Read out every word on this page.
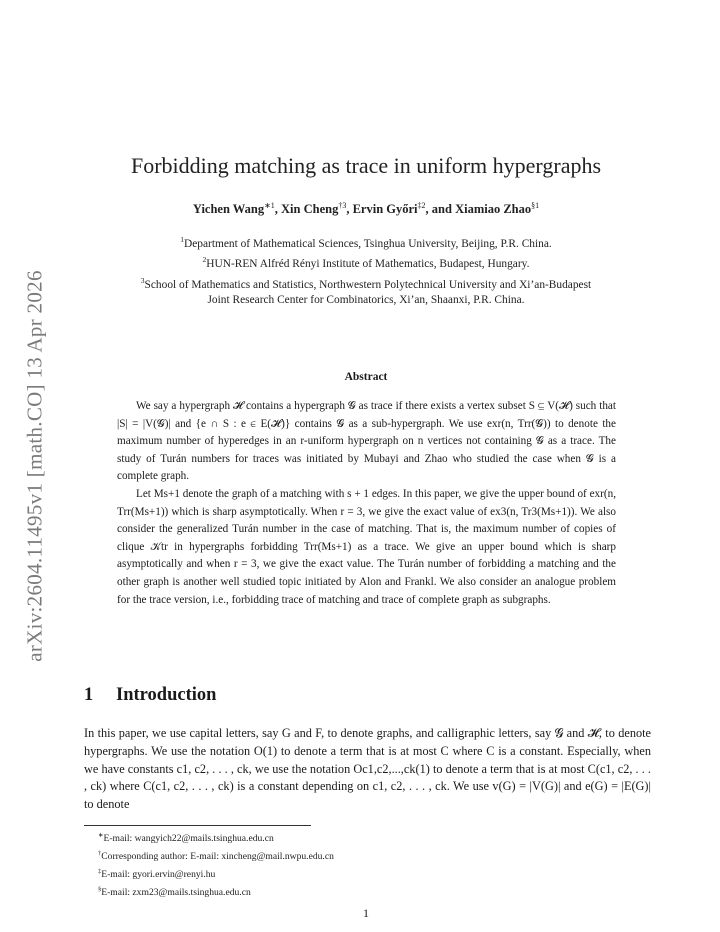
arXiv:2604.11495v1 [math.CO] 13 Apr 2026
Forbidding matching as trace in uniform hypergraphs
Yichen Wang$^{∗1}$, Xin Cheng$^{\dagger 3}$, Ervin Győri$^{\ddagger 2}$, and Xiamiao Zhao$^{\S 1}$
$^1$Department of Mathematical Sciences, Tsinghua University, Beijing, P.R. China.
$^2$HUN-REN Alfréd Rényi Institute of Mathematics, Budapest, Hungary.
$^3$School of Mathematics and Statistics, Northwestern Polytechnical University and Xi’an-Budapest
Joint Research Center for Combinatorics, Xi’an, Shaanxi, P.R. China.
Abstract

We say a hypergraph 𝓗 contains a hypergraph 𝓖 as trace if there exists a vertex subset S ⊆ V(𝓗) such that |S| = |V(𝓖)| and {e ∩ S : e ∈ E(𝓗)} contains 𝓖 as a sub-hypergraph. We use exr(n, Trr(𝓖)) to denote the maximum number of hyperedges in an r-uniform hypergraph on n vertices not containing 𝓖 as a trace. The study of Turán numbers for traces was initiated by Mubayi and Zhao who studied the case when 𝓖 is a complete graph.

Let Ms+1 denote the graph of a matching with s + 1 edges. In this paper, we give the upper bound of exr(n, Trr(Ms+1)) which is sharp asymptotically. When r = 3, we give the exact value of ex3(n, Tr3(Ms+1)). We also consider the generalized Turán number in the case of matching. That is, the maximum number of copies of clique 𝒦tr in hypergraphs forbidding Trr(Ms+1) as a trace. We give an upper bound which is sharp asymptotically and when r = 3, we give the exact value. The Turán number of forbidding a matching and the other graph is another well studied topic initiated by Alon and Frankl. We also consider an analogue problem for the trace version, i.e., forbidding trace of matching and trace of complete graph as subgraphs.

1 Introduction

In this paper, we use capital letters, say G and F, to denote graphs, and calligraphic letters, say 𝓖 and 𝓗, to denote hypergraphs. We use the notation O(1) to denote a term that is at most C where C is a constant. Especially, when we have constants c1, c2, . . . , ck, we use the notation Oc1,c2,...,ck(1) to denote a term that is at most C(c1, c2, . . . , ck) where C(c1, c2, . . . , ck) is a constant depending on c1, c2, . . . , ck. We use v(G) = |V(G)| and e(G) = |E(G)| to denote

∗E-mail: wangyich22@mails.tsinghua.edu.cn
†Corresponding author: E-mail: xincheng@mail.nwpu.edu.cn
‡E-mail: gyori.ervin@renyi.hu
§E-mail: zxm23@mails.tsinghua.edu.cn
1
